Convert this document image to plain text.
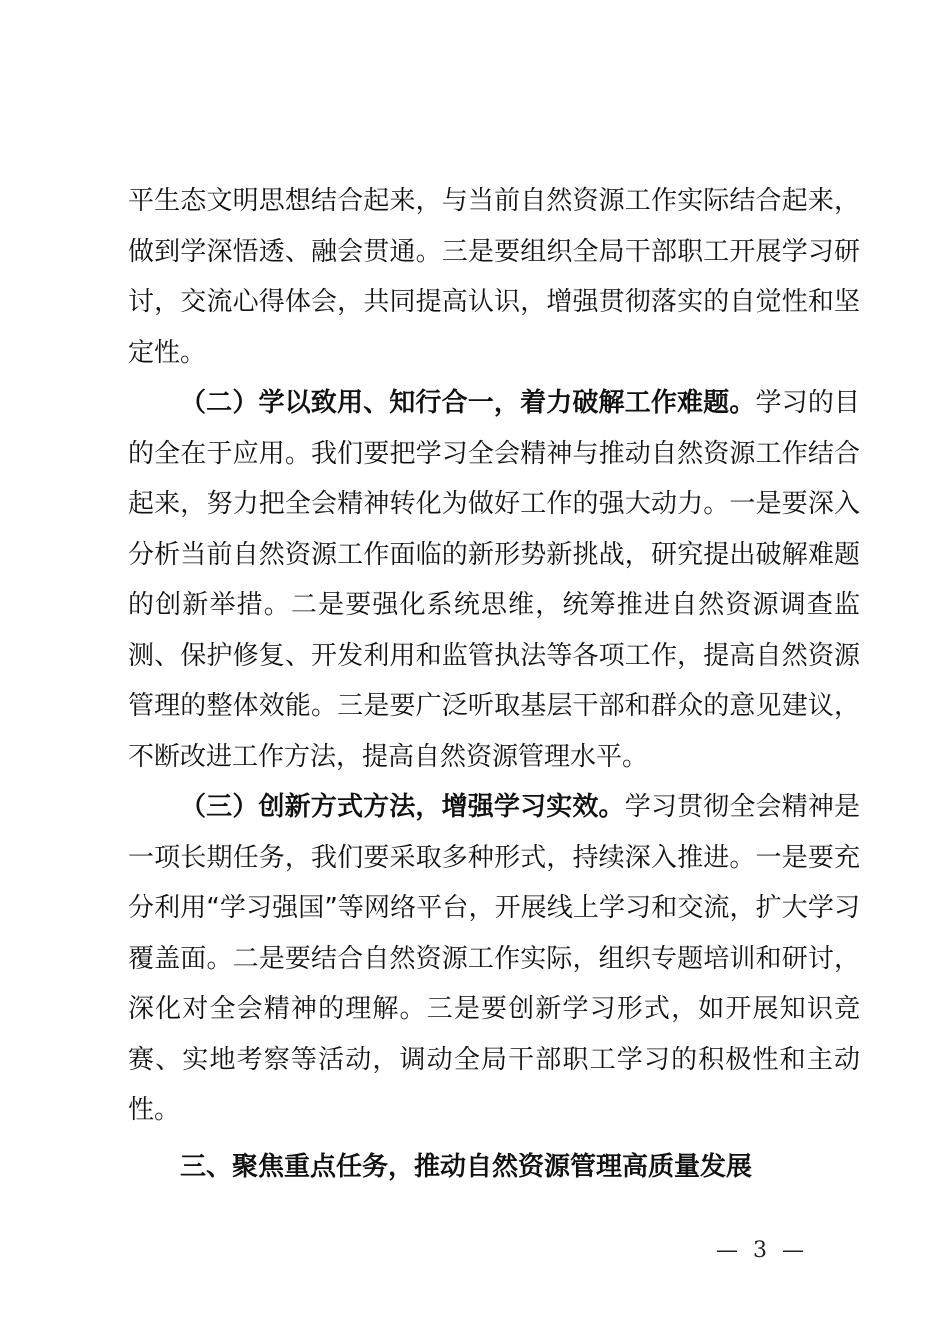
平生态文明思想结合起来，与当前自然资源工作实际结合起来，做到学深悟透、融会贯通。三是要组织全局干部职工开展学习研讨，交流心得体会，共同提高认识，增强贯彻落实的自觉性和坚定性。

（二）学以致用、知行合一，着力破解工作难题。学习的目的全在于应用。我们要把学习全会精神与推动自然资源工作结合起来，努力把全会精神转化为做好工作的强大动力。一是要深入分析当前自然资源工作面临的新形势新挑战，研究提出破解难题的创新举措。二是要强化系统思维，统筹推进自然资源调查监测、保护修复、开发利用和监管执法等各项工作，提高自然资源管理的整体效能。三是要广泛听取基层干部和群众的意见建议，不断改进工作方法，提高自然资源管理水平。

（三）创新方式方法，增强学习实效。学习贯彻全会精神是一项长期任务，我们要采取多种形式，持续深入推进。一是要充分利用“学习强国”等网络平台，开展线上学习和交流，扩大学习覆盖面。二是要结合自然资源工作实际，组织专题培训和研讨，深化对全会精神的理解。三是要创新学习形式，如开展知识竞赛、实地考察等活动，调动全局干部职工学习的积极性和主动性。

三、聚焦重点任务，推动自然资源管理高质量发展

— 3 —
